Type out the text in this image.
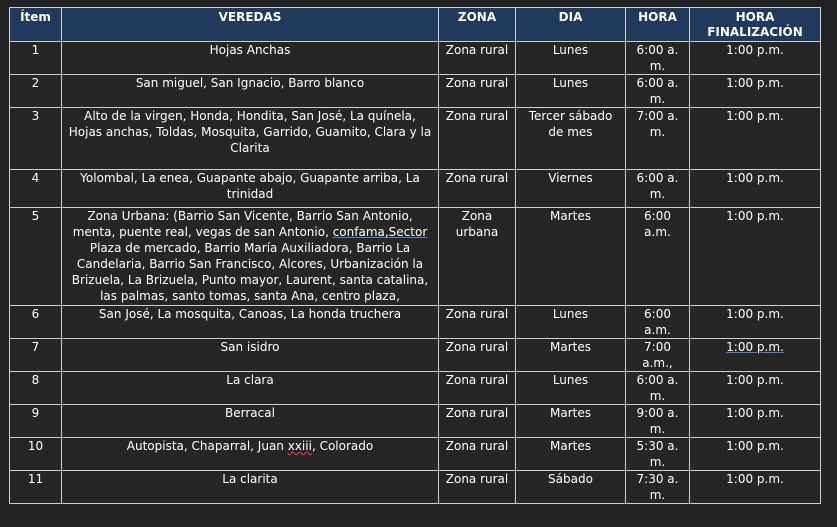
Ítem	VEREDAS	ZONA	DIA	HORA	HORA FINALIZACIÓN
1	Hojas Anchas	Zona rural	Lunes	6:00 a. m.	1:00 p.m.
2	San miguel, San Ignacio, Barro blanco	Zona rural	Lunes	6:00 a. m.	1:00 p.m.
3	Alto de la virgen, Honda, Hondita, San José, La quínela, Hojas anchas, Toldas, Mosquita, Garrido, Guamito, Clara y la Clarita	Zona rural	Tercer sábado de mes	7:00 a. m.	1:00 p.m.
4	Yolombal, La enea, Guapante abajo, Guapante arriba, La trinidad	Zona rural	Viernes	6:00 a. m.	1:00 p.m.
5	Zona Urbana: (Barrio San Vicente, Barrio San Antonio, menta, puente real, vegas de san Antonio, confama,Sector Plaza de mercado, Barrio María Auxiliadora, Barrio La Candelaria, Barrio San Francisco, Alcores, Urbanización la Brizuela, La Brizuela, Punto mayor, Laurent, santa catalina, las palmas, santo tomas, santa Ana, centro plaza,	Zona urbana	Martes	6:00 a.m.	1:00 p.m.
6	San José, La mosquita, Canoas, La honda truchera	Zona rural	Lunes	6:00 a.m.	1:00 p.m.
7	San isidro	Zona rural	Martes	7:00 a.m.,	1:00 p.m.
8	La clara	Zona rural	Lunes	6:00 a. m.	1:00 p.m.
9	Berracal	Zona rural	Martes	9:00 a. m.	1:00 p.m.
10	Autopista, Chaparral, Juan xxiii, Colorado	Zona rural	Martes	5:30 a. m.	1:00 p.m.
11	La clarita	Zona rural	Sábado	7:30 a. m.	1:00 p.m.
